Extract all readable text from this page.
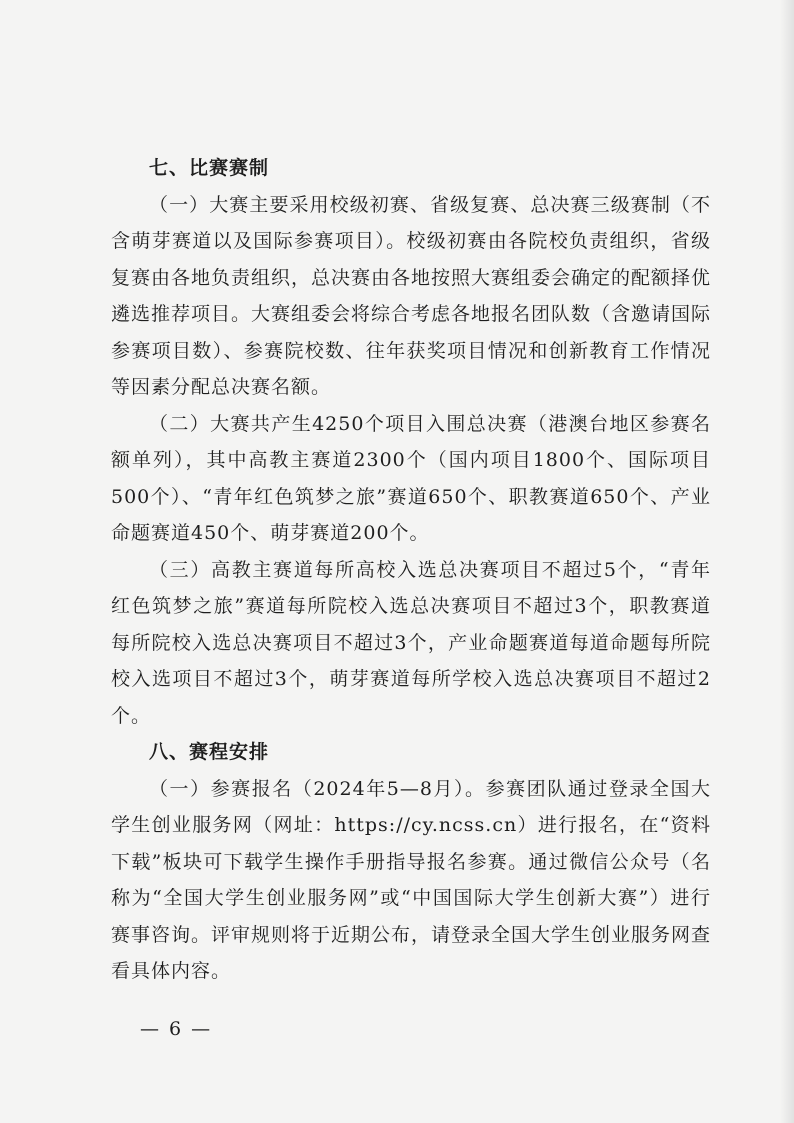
七、比赛赛制

（一）大赛主要采用校级初赛、省级复赛、总决赛三级赛制（不含萌芽赛道以及国际参赛项目）。校级初赛由各院校负责组织，省级复赛由各地负责组织，总决赛由各地按照大赛组委会确定的配额择优遴选推荐项目。大赛组委会将综合考虑各地报名团队数（含邀请国际参赛项目数）、参赛院校数、往年获奖项目情况和创新教育工作情况等因素分配总决赛名额。

（二）大赛共产生4250个项目入围总决赛（港澳台地区参赛名额单列），其中高教主赛道2300个（国内项目1800个、国际项目500个）、“青年红色筑梦之旅”赛道650个、职教赛道650个、产业命题赛道450个、萌芽赛道200个。

（三）高教主赛道每所高校入选总决赛项目不超过5个，“青年红色筑梦之旅”赛道每所院校入选总决赛项目不超过3个，职教赛道每所院校入选总决赛项目不超过3个，产业命题赛道每道命题每所院校入选项目不超过3个，萌芽赛道每所学校入选总决赛项目不超过2个。

八、赛程安排

（一）参赛报名（2024年5—8月）。参赛团队通过登录全国大学生创业服务网（网址：https://cy.ncss.cn）进行报名，在“资料下载”板块可下载学生操作手册指导报名参赛。通过微信公众号（名称为“全国大学生创业服务网”或“中国国际大学生创新大赛”）进行赛事咨询。评审规则将于近期公布，请登录全国大学生创业服务网查看具体内容。

— 6 —
